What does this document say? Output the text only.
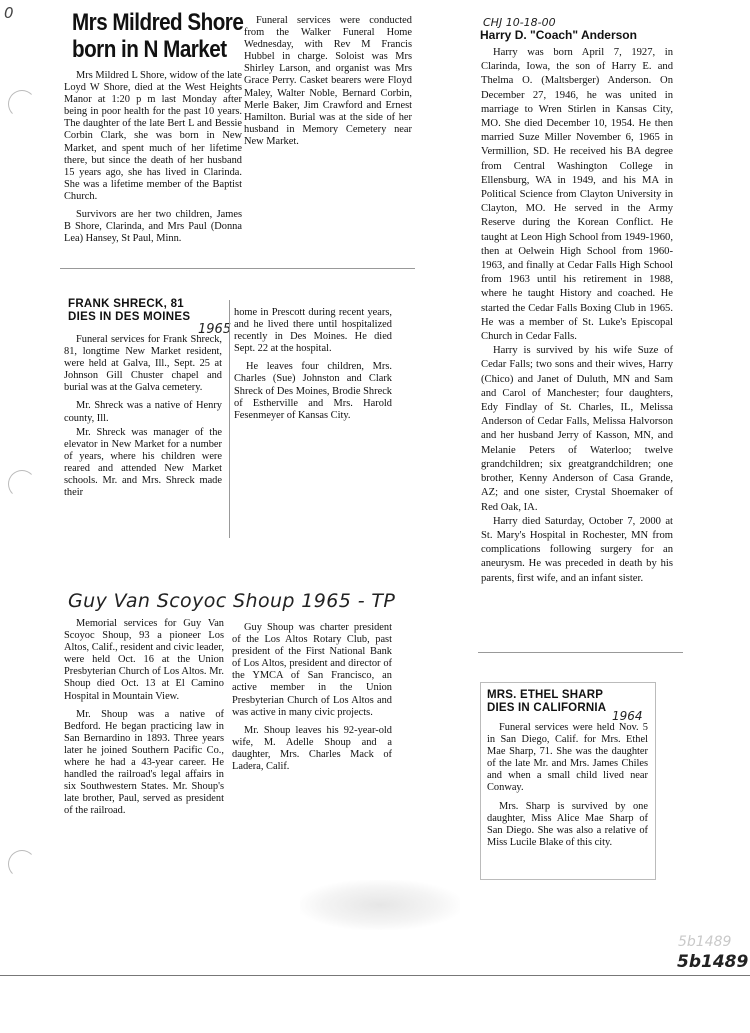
0 Mrs Mildred Shore
born in N Market

Mrs Mildred L Shore, widow of the late Loyd W Shore, died at the West Heights Manor at 1:20 p m last Monday after being in poor health for the past 10 years. The daughter of the late Bert L and Bessie Corbin Clark, she was born in New Market, and spent much of her lifetime there, but since the death of her husband 15 years ago, she has lived in Clarinda. She was a lifetime member of the Baptist Church.

Survivors are her two children, James B Shore, Clarinda, and Mrs Paul (Donna Lea) Hansey, St Paul, Minn.

Funeral services were conducted from the Walker Funeral Home Wednesday, with Rev M Francis Hubbel in charge. Soloist was Mrs Shirley Larson, and organist was Mrs Grace Perry. Casket bearers were Floyd Maley, Walter Noble, Bernard Corbin, Merle Baker, Jim Crawford and Ernest Hamilton. Burial was at the side of her husband in Memory Cemetery near New Market.

CHJ 10-18-00
Harry D. "Coach" Anderson

Harry was born April 7, 1927, in Clarinda, Iowa, the son of Harry E. and Thelma O. (Maltsberger) Anderson. On December 27, 1946, he was united in marriage to Wren Stirlen in Kansas City, MO. She died December 10, 1954. He then married Suze Miller November 6, 1965 in Vermillion, SD. He received his BA degree from Central Washington College in Ellensburg, WA in 1949, and his MA in Political Science from Clayton University in Clayton, MO. He served in the Army Reserve during the Korean Conflict. He taught at Leon High School from 1949-1960, then at Oelwein High School from 1960-1963, and finally at Cedar Falls High School from 1963 until his retirement in 1988, where he taught History and coached. He started the Cedar Falls Boxing Club in 1965. He was a member of St. Luke's Episcopal Church in Cedar Falls.

Harry is survived by his wife Suze of Cedar Falls; two sons and their wives, Harry (Chico) and Janet of Duluth, MN and Sam and Carol of Manchester; four daughters, Edy Findlay of St. Charles, IL, Melissa Anderson of Cedar Falls, Melissa Halvorson and her husband Jerry of Kasson, MN, and Melanie Peters of Waterloo; twelve grandchildren; six greatgrandchildren; one brother, Kenny Anderson of Casa Grande, AZ; and one sister, Crystal Shoemaker of Red Oak, IA.

Harry died Saturday, October 7, 2000 at St. Mary's Hospital in Rochester, MN from complications following surgery for an aneurysm. He was preceded in death by his parents, first wife, and an infant sister.

FRANK SHRECK, 81
DIES IN DES MOINES
1965

Funeral services for Frank Shreck, 81, longtime New Market resident, were held at Galva, Ill., Sept. 25 at Johnson Gill Chuster chapel and burial was at the Galva cemetery.

Mr. Shreck was a native of Henry county, Ill.

Mr. Shreck was manager of the elevator in New Market for a number of years, where his children were reared and attended New Market schools. Mr. and Mrs. Shreck made their

home in Prescott during recent years, and he lived there until hospitalized recently in Des Moines. He died Sept. 22 at the hospital.

He leaves four children, Mrs. Charles (Sue) Johnston and Clark Shreck of Des Moines, Brodie Shreck of Estherville and Mrs. Harold Fesenmeyer of Kansas City.

Guy Van Scoyoc Shoup 1965 - TP

Memorial services for Guy Van Scoyoc Shoup, 93 a pioneer Los Altos, Calif., resident and civic leader, were held Oct. 16 at the Union Presbyterian Church of Los Altos. Mr. Shoup died Oct. 13 at El Camino Hospital in Mountain View.

Mr. Shoup was a native of Bedford. He began practicing law in San Bernardino in 1893. Three years later he joined Southern Pacific Co., where he had a 43-year career. He handled the railroad's legal affairs in six Southwestern States. Mr. Shoup's late brother, Paul, served as president of the railroad.

Guy Shoup was charter president of the Los Altos Rotary Club, past president of the First National Bank of Los Altos, president and director of the YMCA of San Francisco, an active member in the Union Presbyterian Church of Los Altos and was active in many civic projects.

Mr. Shoup leaves his 92-year-old wife, M. Adelle Shoup and a daughter, Mrs. Charles Mack of Ladera, Calif.

MRS. ETHEL SHARP
DIES IN CALIFORNIA
1964

Funeral services were held Nov. 5 in San Diego, Calif. for Mrs. Ethel Mae Sharp, 71. She was the daughter of the late Mr. and Mrs. James Chiles and when a small child lived near Conway.

Mrs. Sharp is survived by one daughter, Miss Alice Mae Sharp of San Diego. She was also a relative of Miss Lucile Blake of this city.

5b1489
5b1489
